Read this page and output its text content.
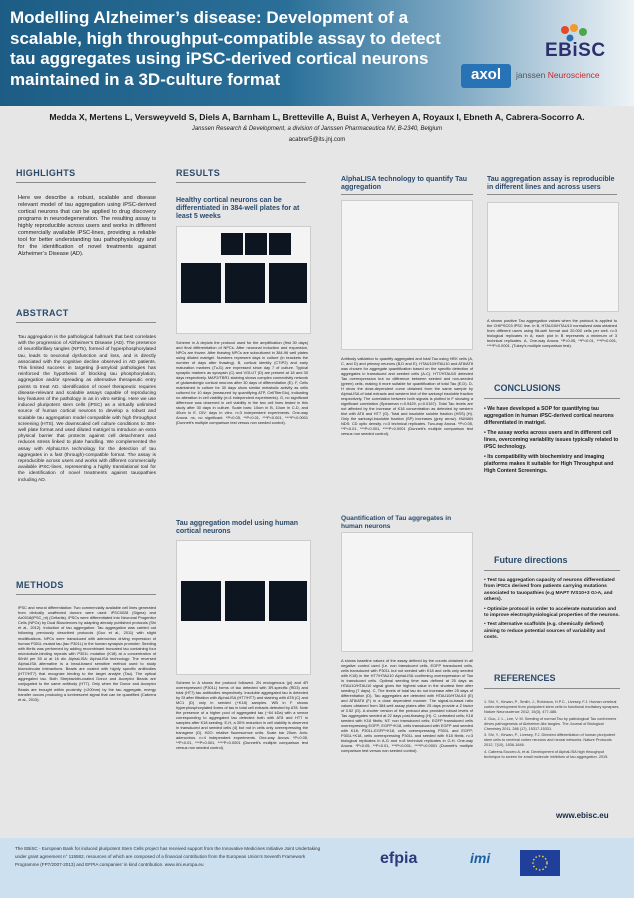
Modelling Alzheimer’s disease: Development of a scalable, high throughput-compatible assay to detect tau aggregates using iPSC-derived cortical neurons maintained in a 3D-culture format
EBiSC
axol	janssen Neuroscience
Medda X, Mertens L, Versweyveld S, Diels A, Barnham L, Bretteville A, Buist A, Verheyen A, Royaux I, Ebneth A, Cabrera-Socorro A.
Janssen Research & Development, a division of Janssen Pharmaceutica NV, B-2340, Belgium
acabrer5@its.jnj.com
HIGHLIGHTS
Here we describe a robust, scalable and disease relevant model of tau aggregation using iPSC-derived cortical neurons that can be applied to drug discovery programs in neurodegeneration. The resulting assay is highly reproducible across users and works in different commercially available iPSC-lines, providing a reliable tool for better understanding tau pathophysiology and for the identification of novel treatments against Alzheimer’s Disease (AD).
ABSTRACT
Tau aggregation is the pathological hallmark that best correlates with the progression of Alzheimer’s Disease (AD). The presence of neurofibrillary tangles (NFTs), formed of hyperphosphorylated tau, leads to neuronal dysfunction and loss, and is directly associated with the cognitive decline observed in AD patients. This limited success in targeting β-amyloid pathologies has reinforced the hypothesis of blocking tau phosphorylation, aggregation and/or spreading as alternative therapeutic entry points to treat AD. Identification of novel therapeutic requires disease-relevant and scalable assays capable of reproducing key features of the pathology in an in vitro setting. Here we use induced pluripotent stem cells (iPSC) as a virtually unlimited source of human cortical neurons to develop a robust and scalable tau aggregation model compatible with high throughput screening (HTS). We downscaled cell culture conditions to 384-well plate format and used diluted matrigel to introduce an extra physical barrier that protects against cell detachment and reduces stress linked to plate handling. We complemented the assay with AlphaLISA technology for the detection of tau aggregates in a fast (through)-compatible format. The assay is reproducible across users and works with different commercially available iPSC-lines, representing a highly translational tool for the identification of novel treatments against tauopathies including AD.
METHODS
iPSC and neural differentiation: Two commercially available cell lines generated from clinically unaffected donors were used: iPSC0028 (Sigma) and Ax0018(iPSC_nt) (Cellartis). iPSCs were differentiated into Neuronal Progenitor Cells (NPCs) by Dual Biosciences by adapting already published protocols (Shi et al., 2012). Induction of tau aggregation: Tau aggregation was carried out following previously described protocols (Guo et al., 2011) with slight modifications. NPCs were transduced with adenovirus driving expression of human P301L mutant tau (tau P301L) in the human synapsin promoter. Seeding with fibrils was performed by adding recombinant truncated tau containing four microtubule-binding repeats with P301L mutation (K18) at a concentration of 50nM per 50 ul at 16 div. AlphaLISA: AlphaLISA technology: The reversed AlphaLISA alternative is a bead-based sensitive method used to study biomolecular interactions. Beads are coated with highly specific antibodies (HT7/HT7) that recognize binding to the target analyte (Tau). The optical aggregated tau. Both Streptavidin-coated Donor and Acceptor Beads are conjugated to the same antibody (HT7). Only when the Donor and Acceptor Beads are brought within proximity (<200nm) by the tau aggregate, energy transfer occurs producing a luminescent signal that can be quantified (Cabrera et al., 2015).
RESULTS
Healthy cortical neurons can be differentiated in 384-well plates for at least 5 weeks
Scheme in A depicts the protocol used for the amplification (first 30 days) and final differentiation of NPCs. After neuronal induction and expansion, NPCs are frozen. After thawing NPCs are subcultured in 384-96 well plates using diluted matrigel. Numbers represent days in culture (in brackets the number of days after thawing). B, cortical identity (CTIP2) and early maturation markers (TuJ1) are expressed since day 7 of culture. Typical synaptic markers as synapsin (C) and VGLUT (D) are present at 18 and 30 days respectively. MAP2/TBR1 staining shows complex connectivity network of glutamatergic cortical neurons after 30 days of differentiation (E). F, Cells maintained in culture for 30 days show similar metabolic activity as cells cultured for 10 days (measured by quantifying ATP, CellTiterGlo), indicating no alteration in cell viability (n=4 independent experiments). G, no significant difference was observed in cell viability in the two cell lines tested in this study after 30 days in culture. Scale bars: 10um in B, 10um in C-D, and 40um in E. DIV: days in vitro. n=3 independent experiments. One-way Anova. ns, no significant. *P<0.05, **P<0.01, ***P<0.001, ****P<0.0001 (Dunnett’s multiple comparison test versus non seeded control).
Tau aggregation model using human cortical neurons
Scheme in A shows the protocol followed. 2N endogenous (pi) and 4R overexpressed (P301L) forms of tau detected with 3R-specific (RD3) and total (HT7) tau antibodies respectively. Insoluble aggregated tau is detected by Sf after filtration with AlphaLISA (HT7/HT7) and staining with AT8 (C) and MC1 (D) only in seeded (+K18) samples. WB in F shows hyperphosphorylated forms of tau in total cell extracts detected by AT8. Note the presence of a higher pool of aggregated tau (~64 kDa) with a smear corresponding to aggregated tau detected both with AT8 and HT7 in samples after K18 seeding. E-H, a 30% reduction in cell viability is observed in transduced and seeded cells (4) but not in cells only overexpressing the transgene (G). H2O: relative fluorescence units. Scale bar 20um. Axis: adenovirus. n=4 independent experiments. One-way Anova. *P<0.05, **P<0.01, ***P<0.001, ****P<0.0001 (Dunnett’s multiple comparison test versus non seeded control).
AlphaLISA technology to quantify Tau aggregation
Antibody validation to quantify aggregated and total Tau using HEK cells (A, C, and D) and primary neurons (B,D and E). HTAU10/HTAU10 and AT8/AT8 was chosen for aggregate quantification based on the specific detection of aggregates in transduced and seeded cells (A-C). HT7/HTAU10 detected Tau overexpression but no difference between seeded and non-seeded (green) cells, making it more suitable for quantification of total Tau (E,D). D-H show the dose-dependent curve obtained from the same sample by AlphaLISA of total extracts and western blot of the sarkosyl insoluble fraction respectively. The correlation between both signals is plotted in F showing a significant correlation (Spearman r=0.9429, p=0.0167). Total Tau levels are not affected by the increase of K18 concentration as detected by western blot with AT8 and HT7 (G). Total and insoluble soluble fraction (HSS) (H). Only the sarkosyl-insoluble fraction (SP) increases (grey arrow). HUMAN NDS: CD optic density. n=3 technical replicates. Two-way Anova. *P<0.05, **P<0.01, ***P<0.001, ****P<0.0001 (Dunnett’s multiple comparison test versus non seeded control).
Quantification of Tau aggregates in human neurons
A shows baseline values of the assay defined by the counts obtained in all negative control used (i.e. non transduced cells, EGFP transduced cells, cells transduced with P301L but not seeded with K18 and cells only seeded with K18) in the HT7/HTAU10 AlphaLISA confirming overexpression of Tau in transduced cells. Optimal seeding time was defined at 25 days as HTAU10/HTAU10 signal gives the highest value in the shortest time after seeding (7 days). C, The levels of total tau do not increase after 25 days of differentiation (D). Tau aggregates are detected with HTAU10/HTAU10 (E) and AT8/AT8 (F) in a dose dependent manner. The signal-to-basal ratio values obtained from 384-well assay plates after 25 days provide a Z factor of 0.52 (G). A shorter version of the protocol also provided robust levels of Tau aggregates seeded at 22 days post-thawing (H). C, untreated cells; K18 seeded with K18 fibrils; NT: non transduced cells; EGFP transduced cells overexpressing EGFP; EGFP+K18, cells transduced with EGFP and seeded with K18; P301L-EGFP+K18, cells overexpressing P301L and EGFP; P301L+K18, cells overexpressing P301L and seeded with K18 fibrils. n=3 biological replicates in A-G and n=8 technical replicates in G-H. One-way Anova. *P<0.05, **P<0.01, ***P<0.001, ****P<0.0001 (Dunnett’s multiple comparison test versus non seeded control).
Tau aggregation assay is reproducible in different lines and across users
A shows positive Tau aggregation values when the protocol is applied to the CHIPSC03 iPSC line. In B, HTAU10/HTAU10 normalized data obtained from different users using 96-well format and 20.000 cells per well. n=3 biological replicates in A; each plot in B represents a minimum of 3 technical replicates. A, One-way Anova. *P<0.05, **P<0.01, ***P<0.001, ****P<0.0001. (Tukey’s multiple comparison test).
CONCLUSIONS
• We have developed a SOP for quantifying tau aggregation in human iPSC-derived cortical neurons differentiated in matrigel.
• The assay works across users and in different cell lines, overcoming variability issues typically related to iPSC technology.
• Its compatibility with biochemistry and imaging platforms makes it suitable for High Throughput and High Content Screenings.
Future directions
• Test tau aggregation capacity of neurons differentiated from iPSCs derived from patients carrying mutations associated to tauopathies (e.g MAPT IVS10+3 G>A, and others).
• Optimize protocol in order to accelerate maturation and to improve electrophysiological properties of the neurons.
• Test alternative scaffolds (e.g. chemically defined) aiming to reduce potential sources of variability and costs.
REFERENCES
1. Shi, Y., Kirwan, P., Smith, J., Robinson, H.P.C., Livesey, F.J. Human cerebral cortex development from pluripotent stem cells to functional excitatory synapses. Nature Neuroscience 2012, 15(3), 477-486.
2. Guo, J. L., Lee, V. M. Seeding of normal Tau by pathological Tau conformers drives pathogenesis of Alzheimer-like tangles. The Journal of Biological Chemistry 2011, 286 (17), 15317-15331.
3. Shi, Y., Kirwan, P., Livesey, F.J. Directed differentiation of human pluripotent stem cells to cerebral cortex neurons and neural networks. Nature Protocols 2012, 7(10), 1836-1846.
4. Cabrera-Socorro A, et al. Development of AlphaLISA high throughput technique to screen for small molecule inhibitors of tau aggregation. 2015.
www.ebisc.eu
The EBiSC - European Bank for induced pluripotent Stem Cells project has received support from the Innovative Medicines Initiative Joint Undertaking under grant agreement n° 115582, resources of which are composed of a financial contribution from the European Union's Seventh Framework Programme (FP7/2007-2013) and EFPIA companies’ in kind contribution. www.imi.europa.eu	imi
efpia
